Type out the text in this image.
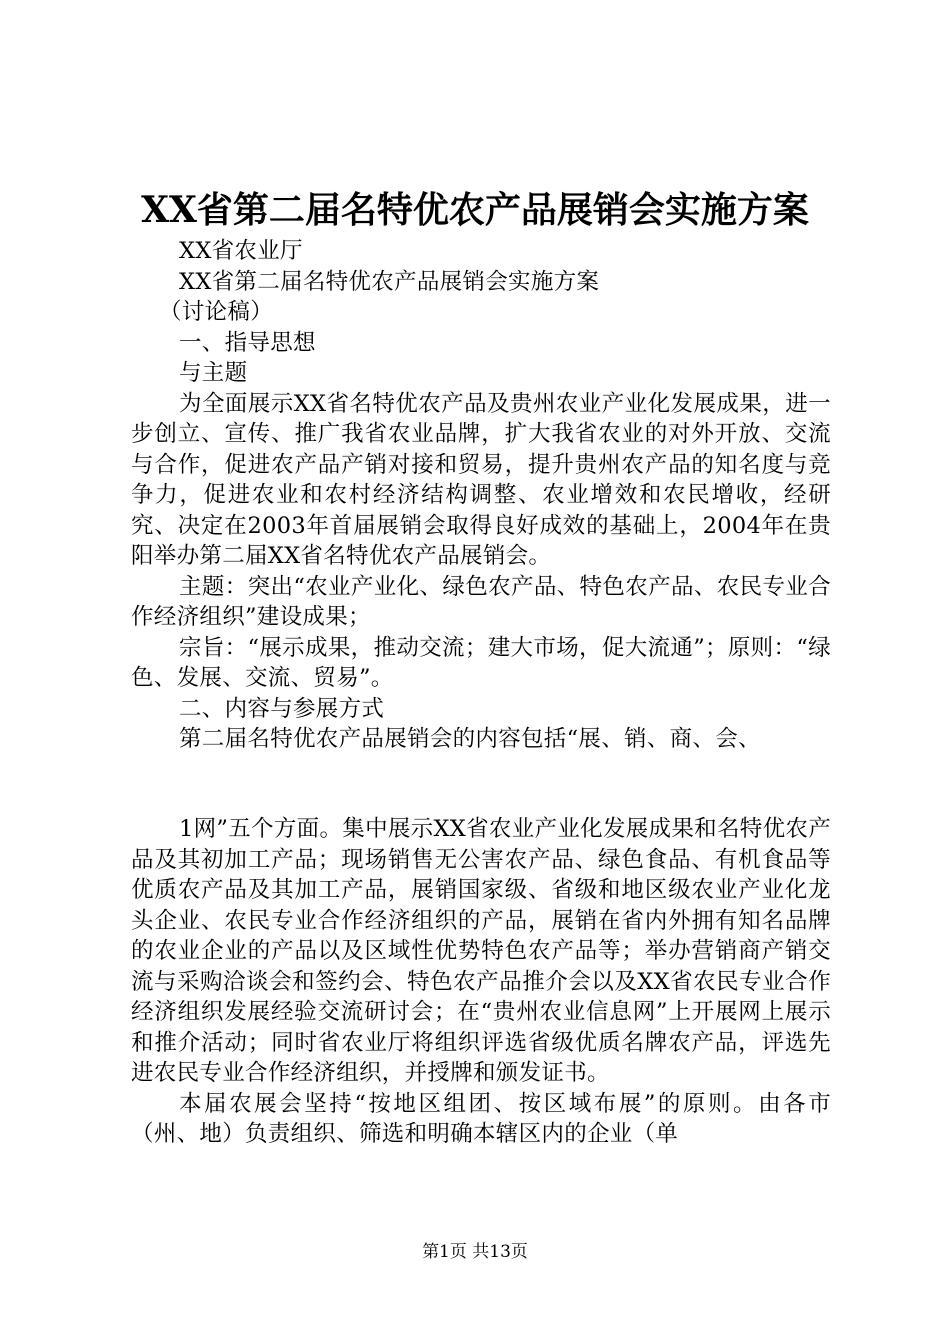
XX省第二届名特优农产品展销会实施方案

XX省农业厅

XX省第二届名特优农产品展销会实施方案

（讨论稿）

一、指导思想

与主题

为全面展示XX省名特优农产品及贵州农业产业化发展成果，进一步创立、宣传、推广我省农业品牌，扩大我省农业的对外开放、交流与合作，促进农产品产销对接和贸易，提升贵州农产品的知名度与竞争力，促进农业和农村经济结构调整、农业增效和农民增收，经研究、决定在2003年首届展销会取得良好成效的基础上，2004年在贵阳举办第二届XX省名特优农产品展销会。

主题：突出“农业产业化、绿色农产品、特色农产品、农民专业合作经济组织”建设成果；

宗旨：“展示成果，推动交流；建大市场，促大流通”；原则：“绿色、发展、交流、贸易”。

二、内容与参展方式

第二届名特优农产品展销会的内容包括“展、销、商、会、

1网”五个方面。集中展示XX省农业产业化发展成果和名特优农产品及其初加工产品；现场销售无公害农产品、绿色食品、有机食品等优质农产品及其加工产品，展销国家级、省级和地区级农业产业化龙头企业、农民专业合作经济组织的产品，展销在省内外拥有知名品牌的农业企业的产品以及区域性优势特色农产品等；举办营销商产销交流与采购洽谈会和签约会、特色农产品推介会以及XX省农民专业合作经济组织发展经验交流研讨会；在“贵州农业信息网”上开展网上展示和推介活动；同时省农业厅将组织评选省级优质名牌农产品，评选先进农民专业合作经济组织，并授牌和颁发证书。

本届农展会坚持“按地区组团、按区域布展”的原则。由各市（州、地）负责组织、筛选和明确本辖区内的企业（单

第1页 共13页
